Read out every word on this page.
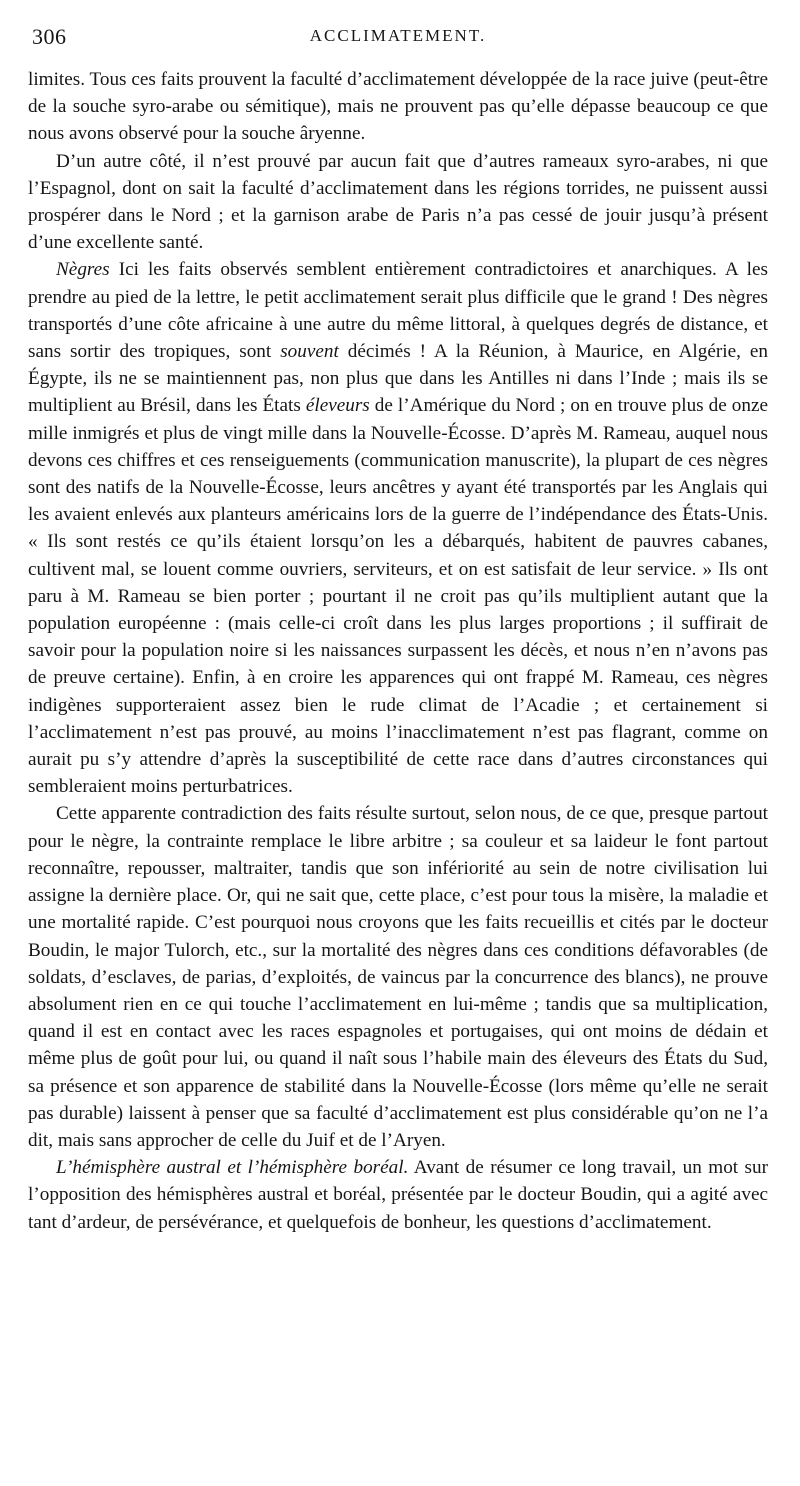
306	ACCLIMATEMENT.

limites. Tous ces faits prouvent la faculté d’acclimatement développée de la race juive (peut-être de la souche syro-arabe ou sémitique), mais ne prouvent pas qu’elle dépasse beaucoup ce que nous avons observé pour la souche âryenne.

D’un autre côté, il n’est prouvé par aucun fait que d’autres rameaux syro-arabes, ni que l’Espagnol, dont on sait la faculté d’acclimatement dans les régions torrides, ne puissent aussi prospérer dans le Nord ; et la garnison arabe de Paris n’a pas cessé de jouir jusqu’à présent d’une excellente santé.

Nègres Ici les faits observés semblent entièrement contradictoires et anarchiques. A les prendre au pied de la lettre, le petit acclimatement serait plus difficile que le grand ! Des nègres transportés d’une côte africaine à une autre du même littoral, à quelques degrés de distance, et sans sortir des tropiques, sont souvent décimés ! A la Réunion, à Maurice, en Algérie, en Égypte, ils ne se maintiennent pas, non plus que dans les Antilles ni dans l’Inde ; mais ils se multiplient au Brésil, dans les États éleveurs de l’Amérique du Nord ; on en trouve plus de onze mille inmigrés et plus de vingt mille dans la Nouvelle-Écosse. D’après M. Rameau, auquel nous devons ces chiffres et ces renseiguements (communication manuscrite), la plupart de ces nègres sont des natifs de la Nouvelle-Écosse, leurs ancêtres y ayant été transportés par les Anglais qui les avaient enlevés aux planteurs américains lors de la guerre de l’indépendance des États-Unis. « Ils sont restés ce qu’ils étaient lorsqu’on les a débarqués, habitent de pauvres cabanes, cultivent mal, se louent comme ouvriers, serviteurs, et on est satisfait de leur service. » Ils ont paru à M. Rameau se bien porter ; pourtant il ne croit pas qu’ils multiplient autant que la population européenne : (mais celle-ci croît dans les plus larges proportions ; il suffirait de savoir pour la population noire si les naissances surpassent les décès, et nous n’en n’avons pas de preuve certaine). Enfin, à en croire les apparences qui ont frappé M. Rameau, ces nègres indigènes supporteraient assez bien le rude climat de l’Acadie ; et certainement si l’acclimatement n’est pas prouvé, au moins l’inacclimatement n’est pas flagrant, comme on aurait pu s’y attendre d’après la susceptibilité de cette race dans d’autres circonstances qui sembleraient moins perturbatrices.

Cette apparente contradiction des faits résulte surtout, selon nous, de ce que, presque partout pour le nègre, la contrainte remplace le libre arbitre ; sa couleur et sa laideur le font partout reconnaître, repousser, maltraiter, tandis que son infériorité au sein de notre civilisation lui assigne la dernière place. Or, qui ne sait que, cette place, c’est pour tous la misère, la maladie et une mortalité rapide. C’est pourquoi nous croyons que les faits recueillis et cités par le docteur Boudin, le major Tulorch, etc., sur la mortalité des nègres dans ces conditions défavorables (de soldats, d’esclaves, de parias, d’exploités, de vaincus par la concurrence des blancs), ne prouve absolument rien en ce qui touche l’acclimatement en lui-même ; tandis que sa multiplication, quand il est en contact avec les races espagnoles et portugaises, qui ont moins de dédain et même plus de goût pour lui, ou quand il naît sous l’habile main des éleveurs des États du Sud, sa présence et son apparence de stabilité dans la Nouvelle-Écosse (lors même qu’elle ne serait pas durable) laissent à penser que sa faculté d’acclimatement est plus considérable qu’on ne l’a dit, mais sans approcher de celle du Juif et de l’Aryen.

L’hémisphère austral et l’hémisphère boréal. Avant de résumer ce long travail, un mot sur l’opposition des hémisphères austral et boréal, présentée par le docteur Boudin, qui a agité avec tant d’ardeur, de persévérance, et quelquefois de bonheur, les questions d’acclimatement.
